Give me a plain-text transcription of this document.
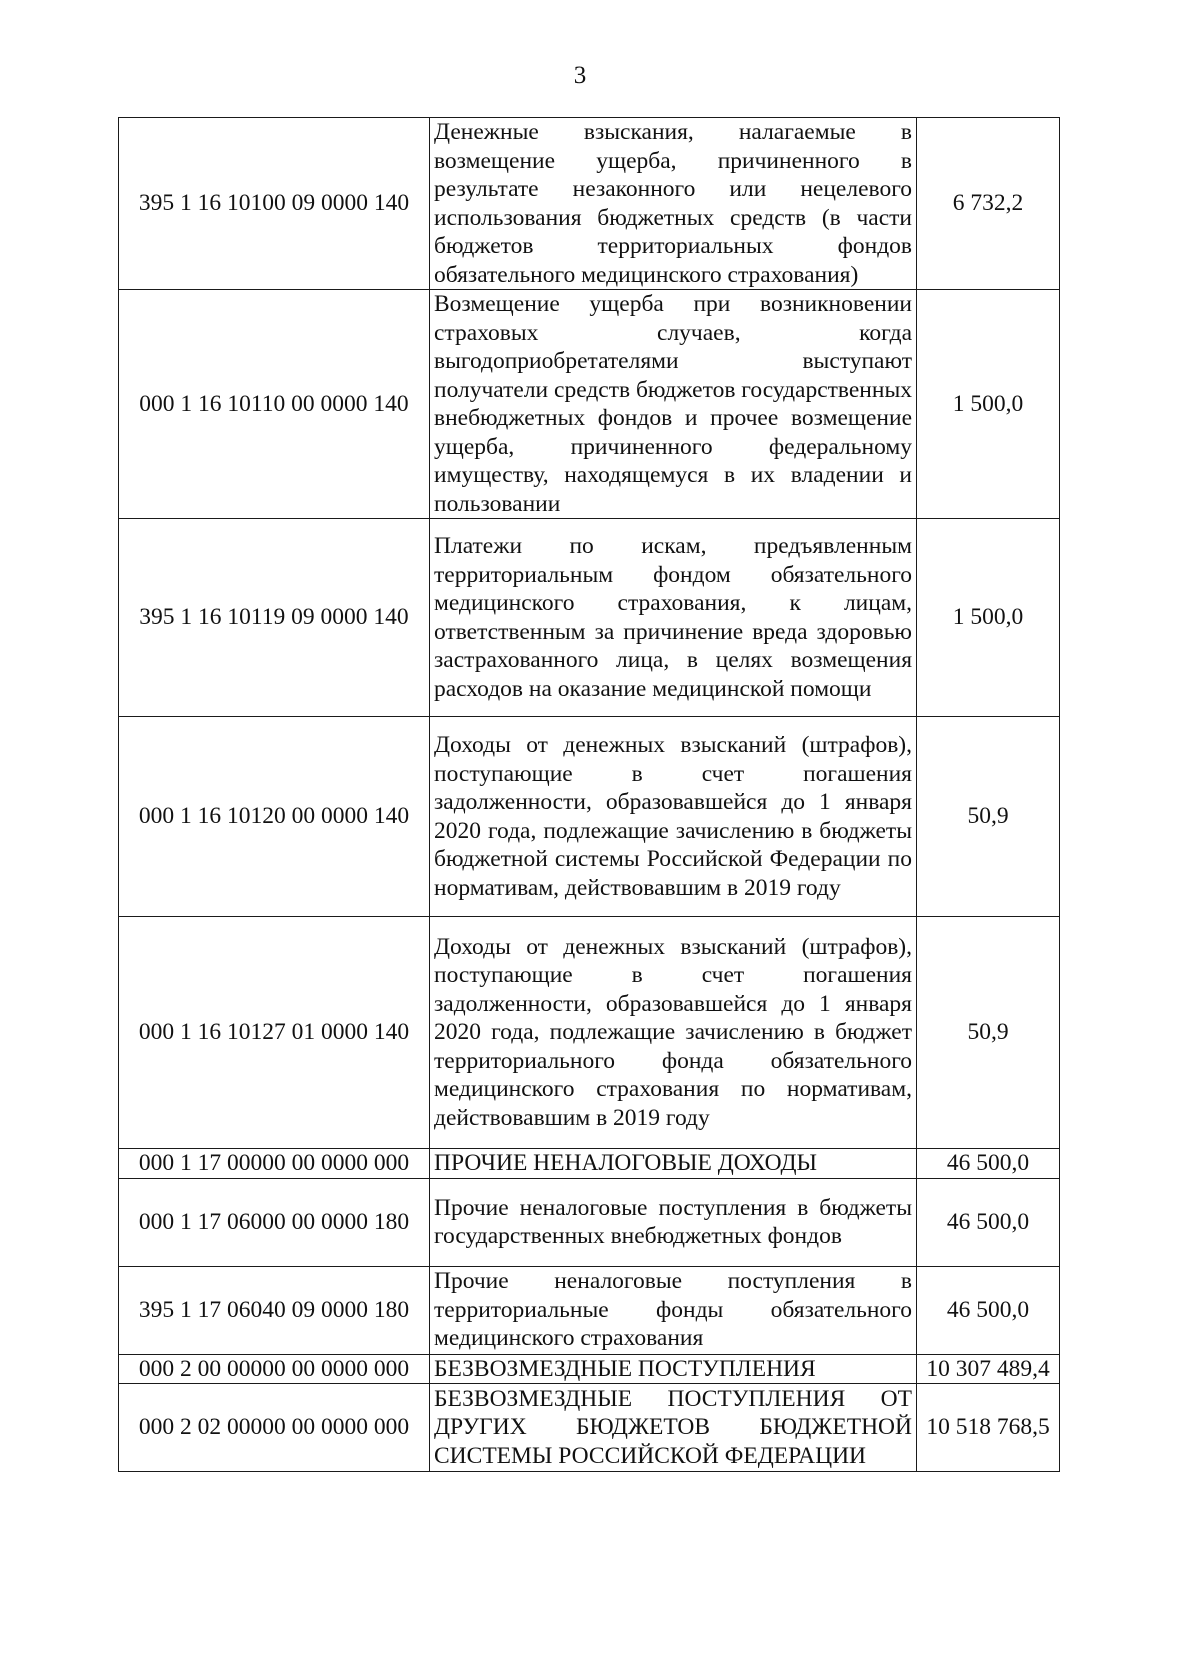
3
395 1 16 10100 09 0000 140	Денежные взыскания, налагаемые в возмещение ущерба, причиненного в результате незаконного или нецелевого использования бюджетных средств (в части бюджетов территориальных фондов обязательного медицинского страхования)	6 732,2
000 1 16 10110 00 0000 140	Возмещение ущерба при возникновении страховых случаев, когда выгодоприобретателями выступают получатели средств бюджетов государственных внебюджетных фондов и прочее возмещение ущерба, причиненного федеральному имуществу, находящемуся в их владении и пользовании	1 500,0
395 1 16 10119 09 0000 140	Платежи по искам, предъявленным территориальным фондом обязательного медицинского страхования, к лицам, ответственным за причинение вреда здоровью застрахованного лица, в целях возмещения расходов на оказание медицинской помощи	1 500,0
000 1 16 10120 00 0000 140	Доходы от денежных взысканий (штрафов), поступающие в счет погашения задолженности, образовавшейся до 1 января 2020 года, подлежащие зачислению в бюджеты бюджетной системы Российской Федерации по нормативам, действовавшим в 2019 году	50,9
000 1 16 10127 01 0000 140	Доходы от денежных взысканий (штрафов), поступающие в счет погашения задолженности, образовавшейся до 1 января 2020 года, подлежащие зачислению в бюджет территориального фонда обязательного медицинского страхования по нормативам, действовавшим в 2019 году	50,9
000 1 17 00000 00 0000 000	ПРОЧИЕ НЕНАЛОГОВЫЕ ДОХОДЫ	46 500,0
000 1 17 06000 00 0000 180	Прочие неналоговые поступления в бюджеты государственных внебюджетных фондов	46 500,0
395 1 17 06040 09 0000 180	Прочие неналоговые поступления в территориальные фонды обязательного медицинского страхования	46 500,0
000 2 00 00000 00 0000 000	БЕЗВОЗМЕЗДНЫЕ ПОСТУПЛЕНИЯ	10 307 489,4
000 2 02 00000 00 0000 000	БЕЗВОЗМЕЗДНЫЕ ПОСТУПЛЕНИЯ ОТ ДРУГИХ БЮДЖЕТОВ БЮДЖЕТНОЙ СИСТЕМЫ РОССИЙСКОЙ ФЕДЕРАЦИИ	10 518 768,5
